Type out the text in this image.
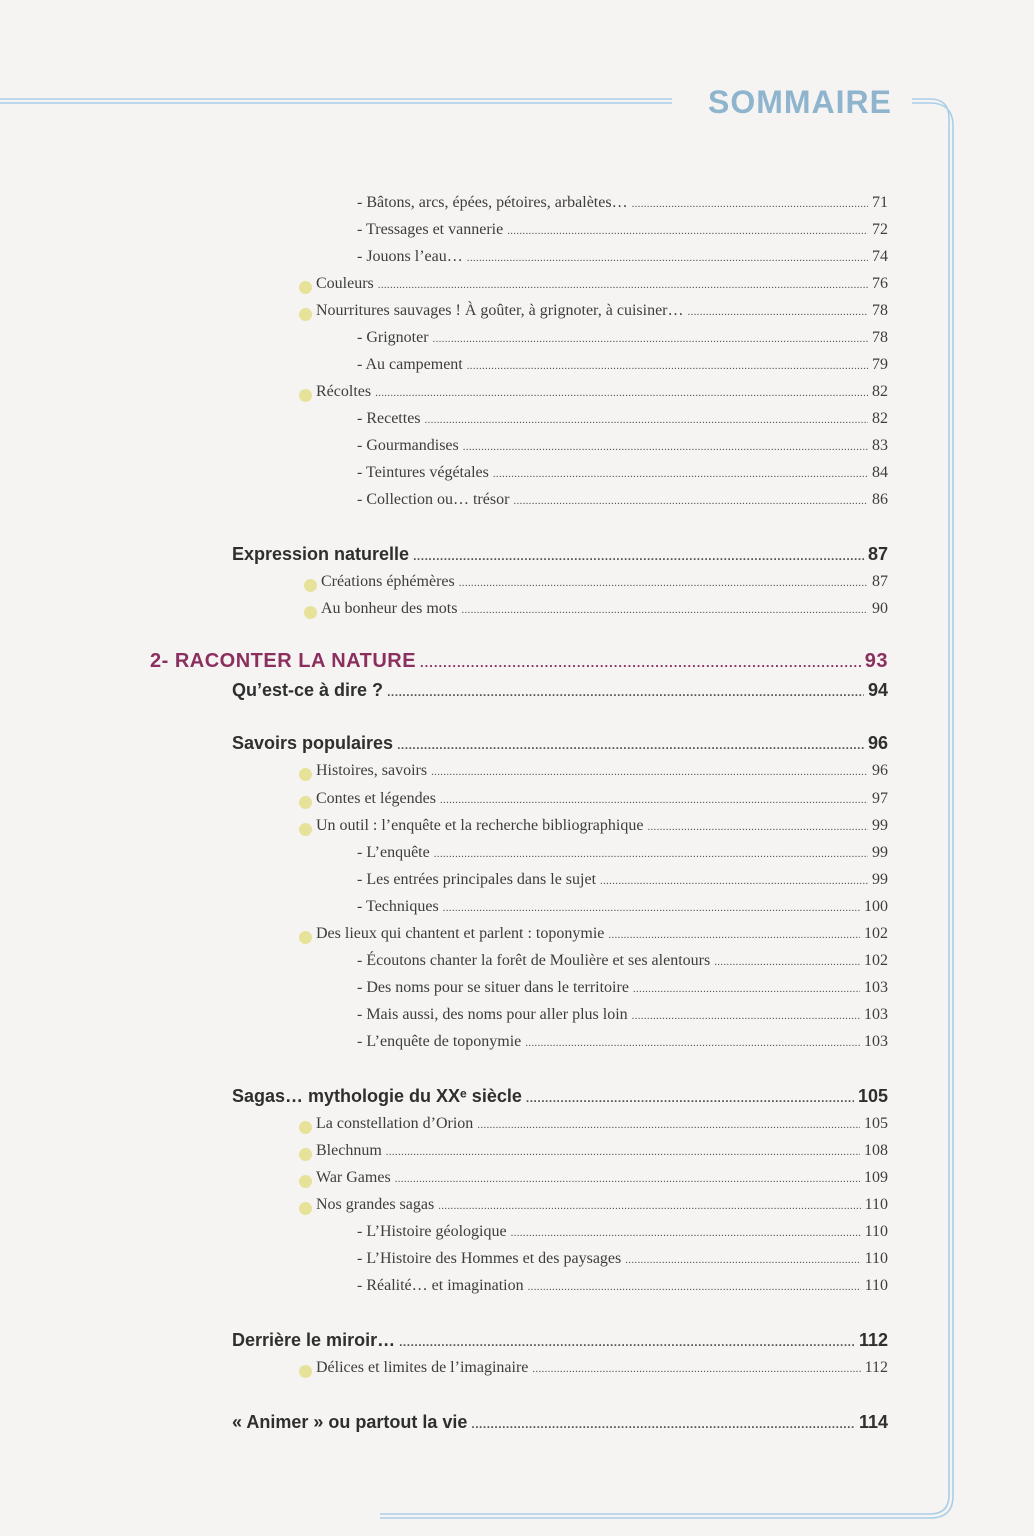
SOMMAIRE
- Bâtons, arcs, épées, pétoires, arbalètes… .....	71
- Tressages et vannerie .....	72
- Jouons l’eau… .....	74
Couleurs .....	76
Nourritures sauvages ! À goûter, à grignoter, à cuisiner… .....	78
- Grignoter .....	78
- Au campement .....	79
Récoltes .....	82
- Recettes .....	82
- Gourmandises .....	83
- Teintures végétales .....	84
- Collection ou… trésor .....	86
Expression naturelle .....	87
Créations éphémères .....	87
Au bonheur des mots .....	90
2- RACONTER LA NATURE .....	93
Qu’est-ce à dire ? .....	94
Savoirs populaires .....	96
Histoires, savoirs .....	96
Contes et légendes .....	97
Un outil : l’enquête et la recherche bibliographique .....	99
- L’enquête .....	99
- Les entrées principales dans le sujet .....	99
- Techniques .....	100
Des lieux qui chantent et parlent : toponymie .....	102
- Écoutons chanter la forêt de Moulière et ses alentours .....	102
- Des noms pour se situer dans le territoire .....	103
- Mais aussi, des noms pour aller plus loin .....	103
- L’enquête de toponymie .....	103
Sagas… mythologie du XXᵉ siècle .....	105
La constellation d’Orion .....	105
Blechnum .....	108
War Games .....	109
Nos grandes sagas .....	110
- L’Histoire géologique .....	110
- L’Histoire des Hommes et des paysages .....	110
- Réalité… et imagination .....	110
Derrière le miroir… .....	112
Délices et limites de l’imaginaire .....	112
« Animer » ou partout la vie .....	114
